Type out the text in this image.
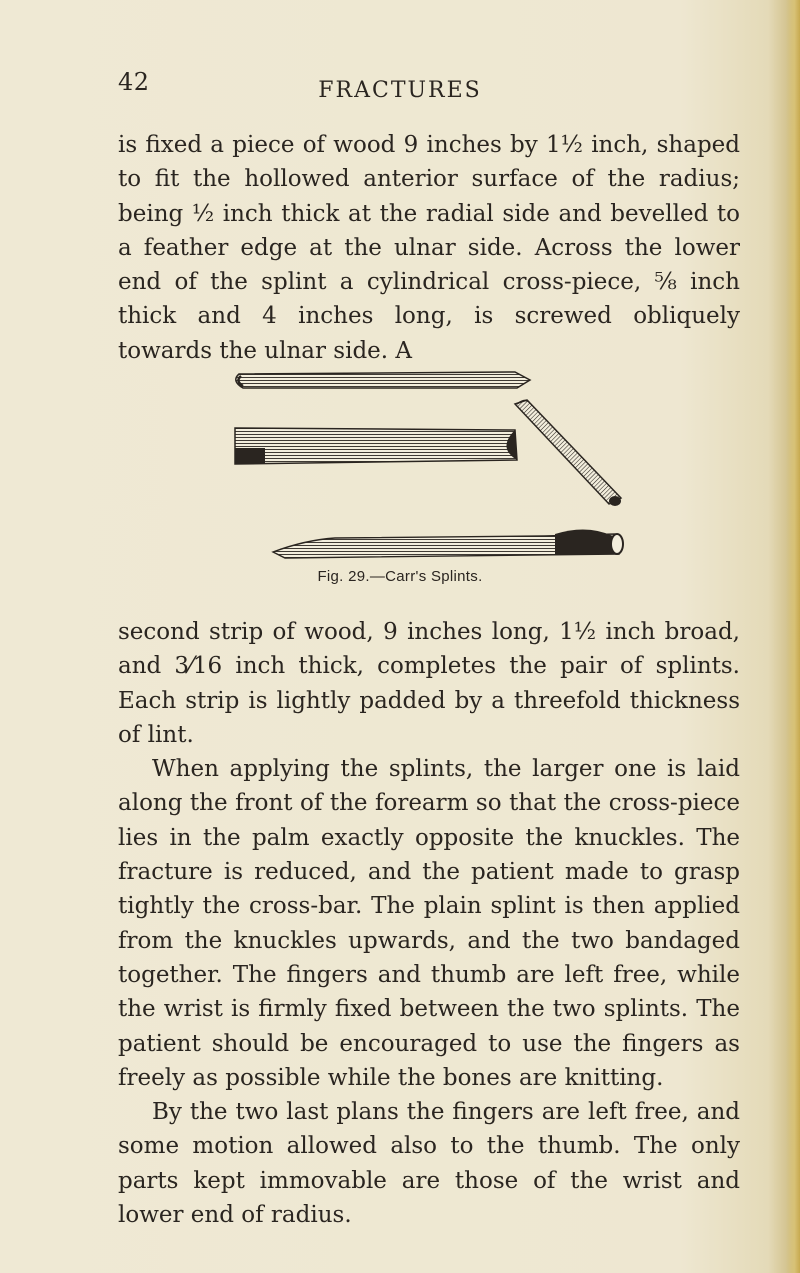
42	FRACTURES

is fixed a piece of wood 9 inches by 1½ inch, shaped to fit the hollowed anterior surface of the radius; being ½ inch thick at the radial side and bevelled to a feather edge at the ulnar side. Across the lower end of the splint a cylindrical cross-piece, ⅝ inch thick and 4 inches long, is screwed obliquely towards the ulnar side. A

Fig. 29.—Carr's Splints.

second strip of wood, 9 inches long, 1½ inch broad, and 3⁄16 inch thick, completes the pair of splints. Each strip is lightly padded by a threefold thickness of lint.

When applying the splints, the larger one is laid along the front of the forearm so that the cross-piece lies in the palm exactly opposite the knuckles. The fracture is reduced, and the patient made to grasp tightly the cross-bar. The plain splint is then applied from the knuckles upwards, and the two bandaged together. The fingers and thumb are left free, while the wrist is firmly fixed between the two splints. The patient should be encouraged to use the fingers as freely as possible while the bones are knitting.

By the two last plans the fingers are left free, and some motion allowed also to the thumb. The only parts kept immovable are those of the wrist and lower end of radius.
